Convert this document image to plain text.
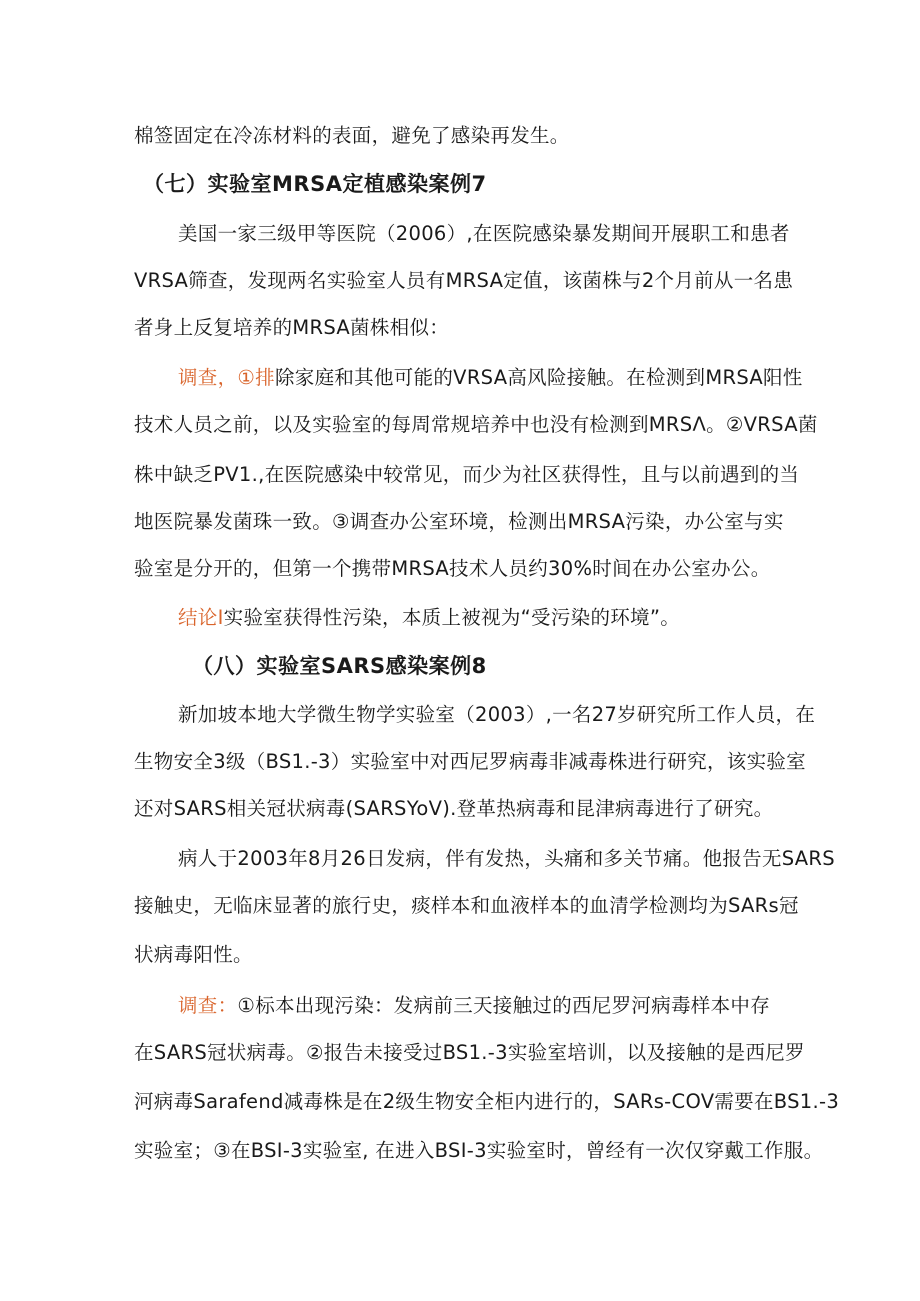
棉签固定在冷冻材料的表面，避免了感染再发生。
（七）实验室MRSA定植感染案例7
美国一家三级甲等医院（2006）,在医院感染暴发期间开展职工和患者
VRSA筛查，发现两名实验室人员有MRSA定值，该菌株与2个月前从一名患
者身上反复培养的MRSA菌株相似：
调查，①排除家庭和其他可能的VRSA高风险接触。在检测到MRSA阳性
技术人员之前，以及实验室的每周常规培养中也没有检测到MRSΛ。②VRSA菌
株中缺乏PV1.,在医院感染中较常见，而少为社区获得性，且与以前遇到的当
地医院暴发菌珠一致。③调查办公室环境，检测出MRSA污染，办公室与实
验室是分开的，但第一个携带MRSA技术人员约30%时间在办公室办公。
结论I实验室获得性污染，本质上被视为“受污染的环境”。
（八）实验室SARS感染案例8
新加坡本地大学微生物学实验室（2003）,一名27岁研究所工作人员，在
生物安全3级（BS1.-3）实验室中对西尼罗病毒非减毒株进行研究，该实验室
还对SARS相关冠状病毒(SARSYoV).登革热病毒和昆津病毒进行了研究。
病人于2003年8月26日发病，伴有发热，头痛和多关节痛。他报告无SARS
接触史，无临床显著的旅行史，痰样本和血液样本的血清学检测均为SARs冠
状病毒阳性。
调查：①标本出现污染：发病前三天接触过的西尼罗河病毒样本中存
在SARS冠状病毒。②报告未接受过BS1.-3实验室培训，以及接触的是西尼罗
河病毒Sarafend减毒株是在2级生物安全柜内进行的，SARs-COV需要在BS1.-3
实验室；③在BSI-3实验室, 在进入BSI-3实验室时，曾经有一次仅穿戴工作服。
